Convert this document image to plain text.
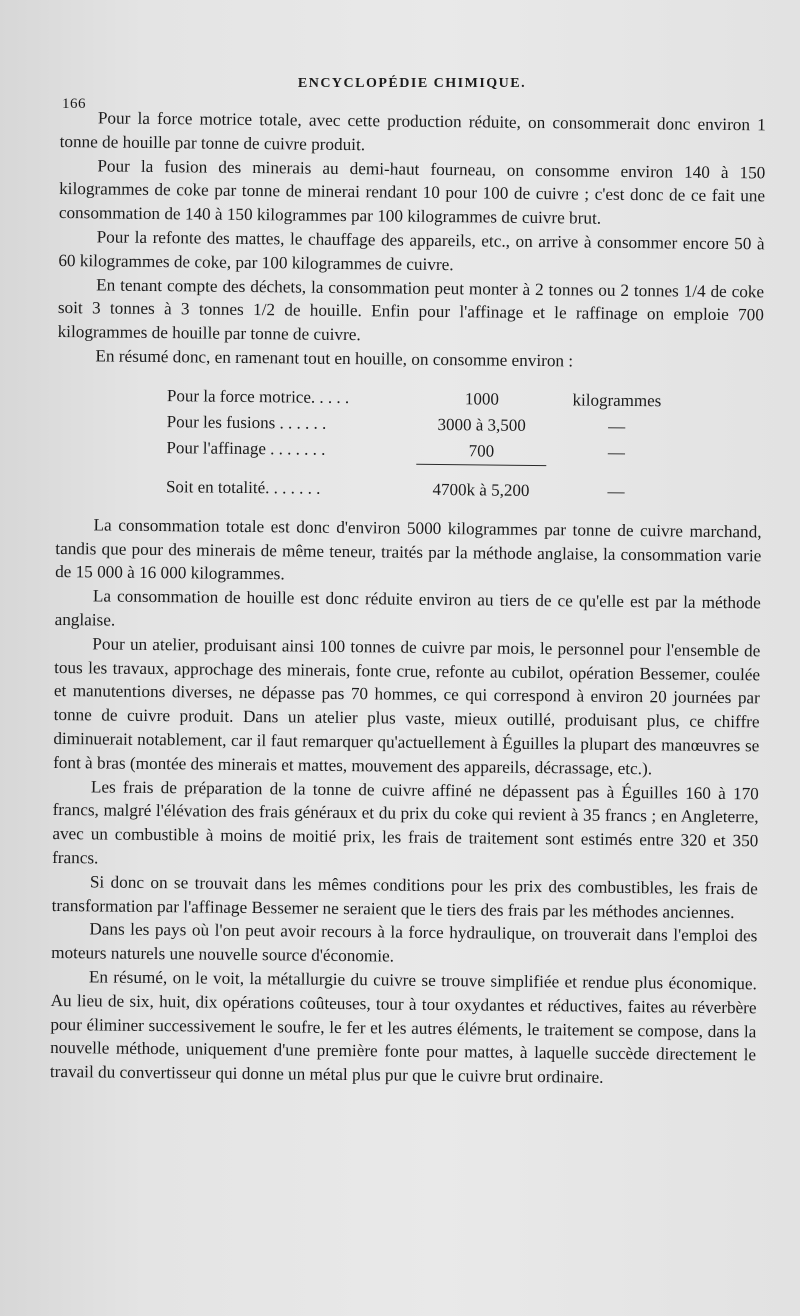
166
ENCYCLOPÉDIE CHIMIQUE.

Pour la force motrice totale, avec cette production réduite, on consommerait donc environ 1 tonne de houille par tonne de cuivre produit.

Pour la fusion des minerais au demi-haut fourneau, on consomme environ 140 à 150 kilogrammes de coke par tonne de minerai rendant 10 pour 100 de cuivre ; c'est donc de ce fait une consommation de 140 à 150 kilogrammes par 100 kilogrammes de cuivre brut.

Pour la refonte des mattes, le chauffage des appareils, etc., on arrive à consommer encore 50 à 60 kilogrammes de coke, par 100 kilogrammes de cuivre.

En tenant compte des déchets, la consommation peut monter à 2 tonnes ou 2 tonnes 1/4 de coke soit 3 tonnes à 3 tonnes 1/2 de houille. Enfin pour l'affinage et le raffinage on emploie 700 kilogrammes de houille par tonne de cuivre.

En résumé donc, en ramenant tout en houille, on consomme environ :

Pour la force motrice. . . . .	1000	kilogrammes
Pour les fusions . . . . . .	3000 à 3,500	—
Pour l'affinage . . . . . . .	700	—

Soit en totalité. . . . . . .	4700k à 5,200	—

La consommation totale est donc d'environ 5000 kilogrammes par tonne de cuivre marchand, tandis que pour des minerais de même teneur, traités par la méthode anglaise, la consommation varie de 15 000 à 16 000 kilogrammes.

La consommation de houille est donc réduite environ au tiers de ce qu'elle est par la méthode anglaise.

Pour un atelier, produisant ainsi 100 tonnes de cuivre par mois, le personnel pour l'ensemble de tous les travaux, approchage des minerais, fonte crue, refonte au cubilot, opération Bessemer, coulée et manutentions diverses, ne dépasse pas 70 hommes, ce qui correspond à environ 20 journées par tonne de cuivre produit. Dans un atelier plus vaste, mieux outillé, produisant plus, ce chiffre diminuerait notablement, car il faut remarquer qu'actuellement à Éguilles la plupart des manœuvres se font à bras (montée des minerais et mattes, mouvement des appareils, décrassage, etc.).

Les frais de préparation de la tonne de cuivre affiné ne dépassent pas à Éguilles 160 à 170 francs, malgré l'élévation des frais généraux et du prix du coke qui revient à 35 francs ; en Angleterre, avec un combustible à moins de moitié prix, les frais de traitement sont estimés entre 320 et 350 francs.

Si donc on se trouvait dans les mêmes conditions pour les prix des combustibles, les frais de transformation par l'affinage Bessemer ne seraient que le tiers des frais par les méthodes anciennes.

Dans les pays où l'on peut avoir recours à la force hydraulique, on trouverait dans l'emploi des moteurs naturels une nouvelle source d'économie.

En résumé, on le voit, la métallurgie du cuivre se trouve simplifiée et rendue plus économique. Au lieu de six, huit, dix opérations coûteuses, tour à tour oxydantes et réductives, faites au réverbère pour éliminer successivement le soufre, le fer et les autres éléments, le traitement se compose, dans la nouvelle méthode, uniquement d'une première fonte pour mattes, à laquelle succède directement le travail du convertisseur qui donne un métal plus pur que le cuivre brut ordinaire.
